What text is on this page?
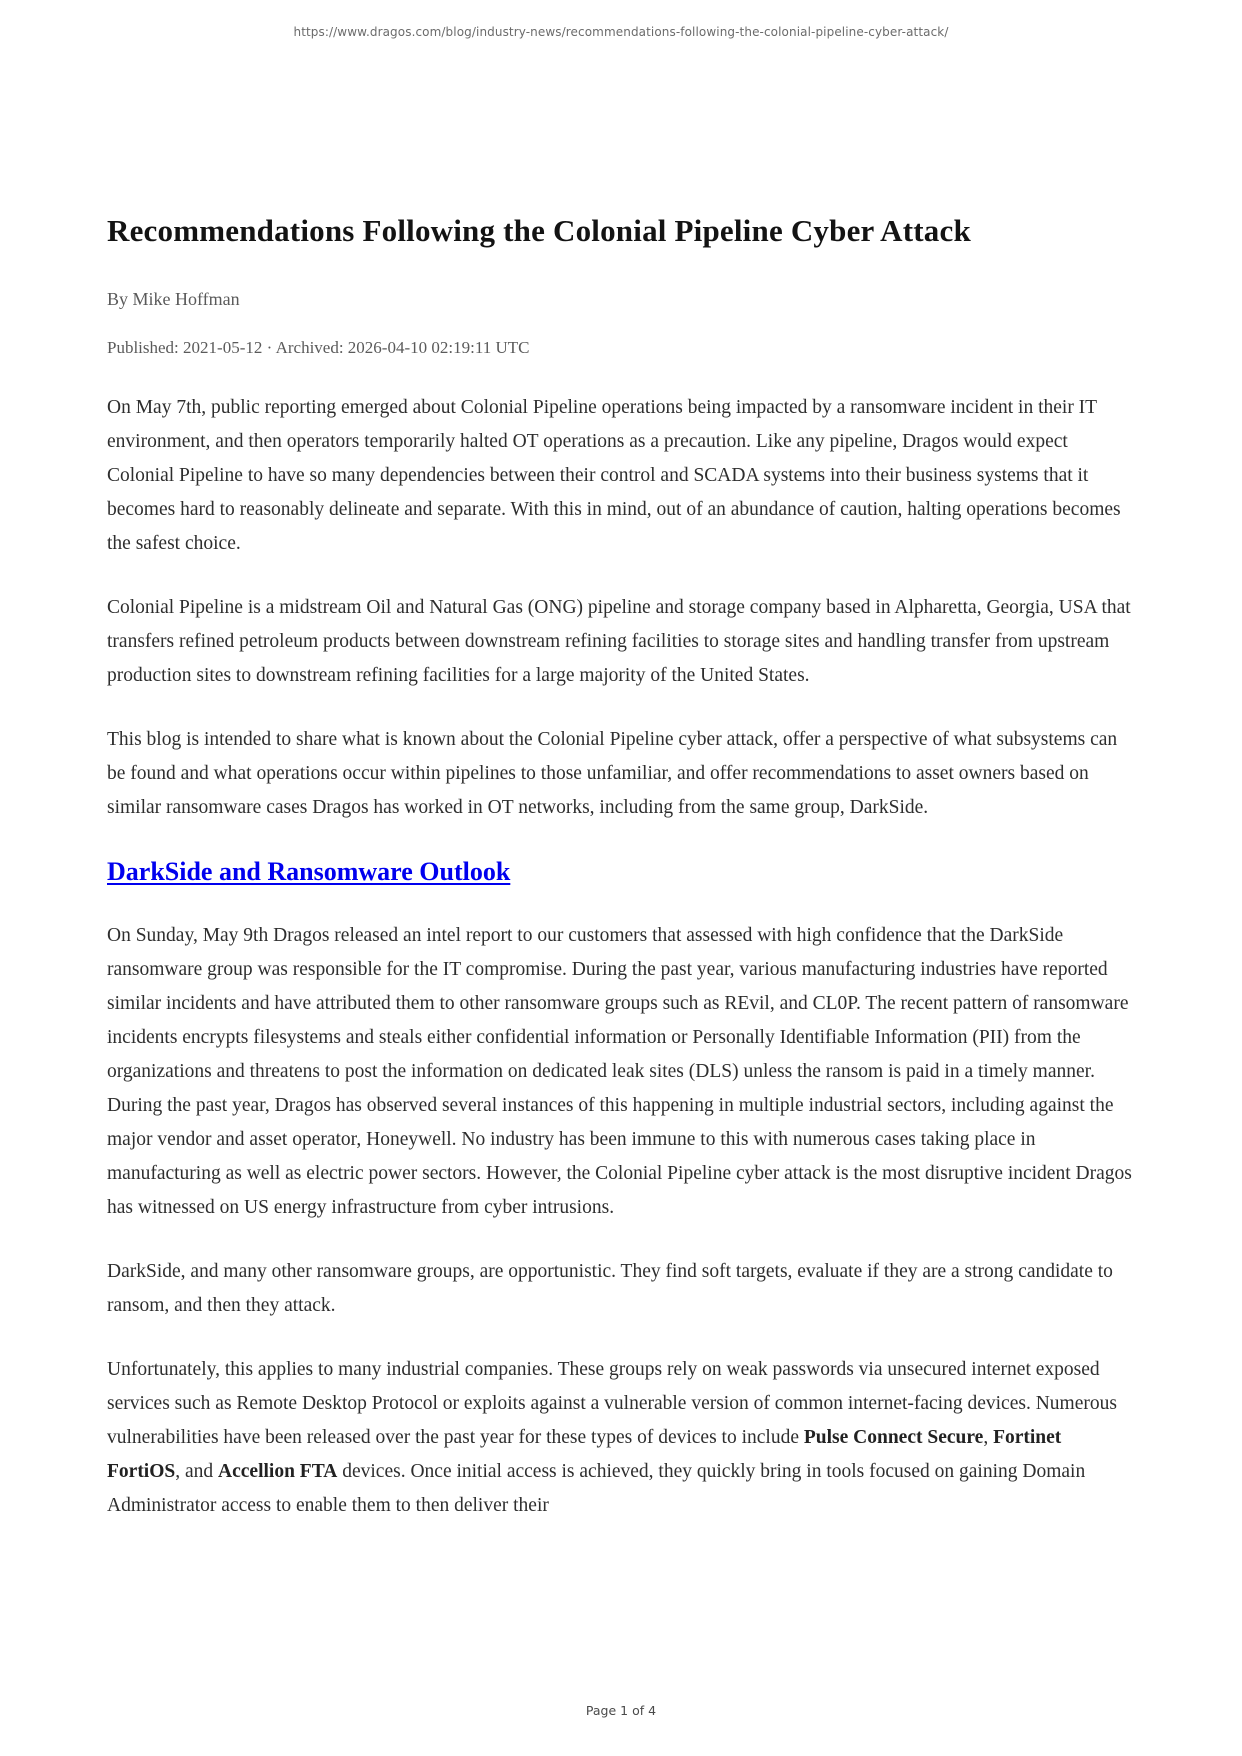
https://www.dragos.com/blog/industry-news/recommendations-following-the-colonial-pipeline-cyber-attack/
Recommendations Following the Colonial Pipeline Cyber Attack

By Mike Hoffman

Published: 2021-05-12 · Archived: 2026-04-10 02:19:11 UTC

On May 7th, public reporting emerged about Colonial Pipeline operations being impacted by a ransomware incident in their IT environment, and then operators temporarily halted OT operations as a precaution. Like any pipeline, Dragos would expect Colonial Pipeline to have so many dependencies between their control and SCADA systems into their business systems that it becomes hard to reasonably delineate and separate. With this in mind, out of an abundance of caution, halting operations becomes the safest choice.

Colonial Pipeline is a midstream Oil and Natural Gas (ONG) pipeline and storage company based in Alpharetta, Georgia, USA that transfers refined petroleum products between downstream refining facilities to storage sites and handling transfer from upstream production sites to downstream refining facilities for a large majority of the United States.

This blog is intended to share what is known about the Colonial Pipeline cyber attack, offer a perspective of what subsystems can be found and what operations occur within pipelines to those unfamiliar, and offer recommendations to asset owners based on similar ransomware cases Dragos has worked in OT networks, including from the same group, DarkSide.

DarkSide and Ransomware Outlook

On Sunday, May 9th Dragos released an intel report to our customers that assessed with high confidence that the DarkSide ransomware group was responsible for the IT compromise. During the past year, various manufacturing industries have reported similar incidents and have attributed them to other ransomware groups such as REvil, and CL0P. The recent pattern of ransomware incidents encrypts filesystems and steals either confidential information or Personally Identifiable Information (PII) from the organizations and threatens to post the information on dedicated leak sites (DLS) unless the ransom is paid in a timely manner. During the past year, Dragos has observed several instances of this happening in multiple industrial sectors, including against the major vendor and asset operator, Honeywell. No industry has been immune to this with numerous cases taking place in manufacturing as well as electric power sectors. However, the Colonial Pipeline cyber attack is the most disruptive incident Dragos has witnessed on US energy infrastructure from cyber intrusions.

DarkSide, and many other ransomware groups, are opportunistic. They find soft targets, evaluate if they are a strong candidate to ransom, and then they attack.

Unfortunately, this applies to many industrial companies. These groups rely on weak passwords via unsecured internet exposed services such as Remote Desktop Protocol or exploits against a vulnerable version of common internet-facing devices. Numerous vulnerabilities have been released over the past year for these types of devices to include Pulse Connect Secure, Fortinet FortiOS, and Accellion FTA devices. Once initial access is achieved, they quickly bring in tools focused on gaining Domain Administrator access to enable them to then deliver their

Page 1 of 4
